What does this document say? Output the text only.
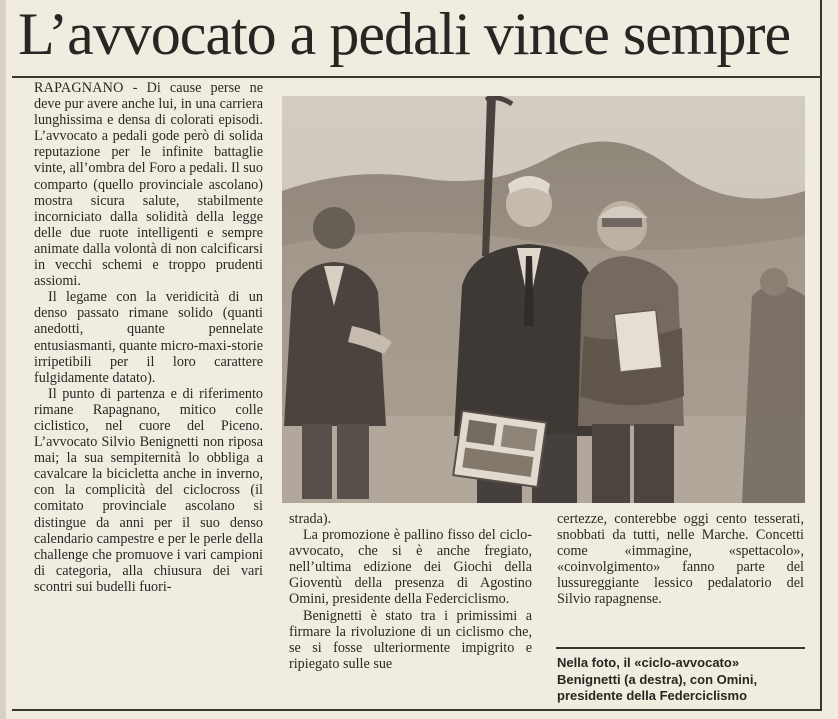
L’avvocato a pedali vince sempre

RAPAGNANO - Di cause perse ne deve pur avere anche lui, in una carriera lunghissima e densa di colorati episodi. L’avvocato a pedali gode però di solida reputazione per le infinite battaglie vinte, all’ombra del Foro a pedali. Il suo comparto (quello provinciale ascolano) mostra sicura salute, stabilmente incorniciato dalla solidità della legge delle due ruote intelligenti e sempre animate dalla volontà di non calcificarsi in vecchi schemi e troppo prudenti assiomi.

Il legame con la veridicità di un denso passato rimane solido (quanti anedotti, quante pennelate entusiasmanti, quante micro-maxi-storie irripetibili per il loro carattere fulgidamente datato).

Il punto di partenza e di riferimento rimane Rapagnano, mitico colle ciclistico, nel cuore del Piceno. L’avvocato Silvio Benignetti non riposa mai; la sua sempiternità lo obbliga a cavalcare la bicicletta anche in inverno, con la complicità del ciclocross (il comitato provinciale ascolano si distingue da anni per il suo denso calendario campestre e per le perle della challenge che promuove i vari campioni di categoria, alla chiusura dei vari scontri sui budelli fuori-

strada).

La promozione è pallino fisso del ciclo-avvocato, che si è anche fregiato, nell’ultima edizione dei Giochi della Gioventù della presenza di Agostino Omini, presidente della Federciclismo.

Benignetti è stato tra i primissimi a firmare la rivoluzione di un ciclismo che, se si fosse ulteriormente impigrito e ripiegato sulle sue

certezze, conterebbe oggi cento tesserati, snobbati da tutti, nelle Marche. Concetti come «immagine, «spettacolo», «coinvolgimento» fanno parte del lussureggiante lessico pedalatorio del Silvio rapagnense.

Nella foto, il «ciclo-avvocato» Benignetti (a destra), con Omini, presidente della Federciclismo
